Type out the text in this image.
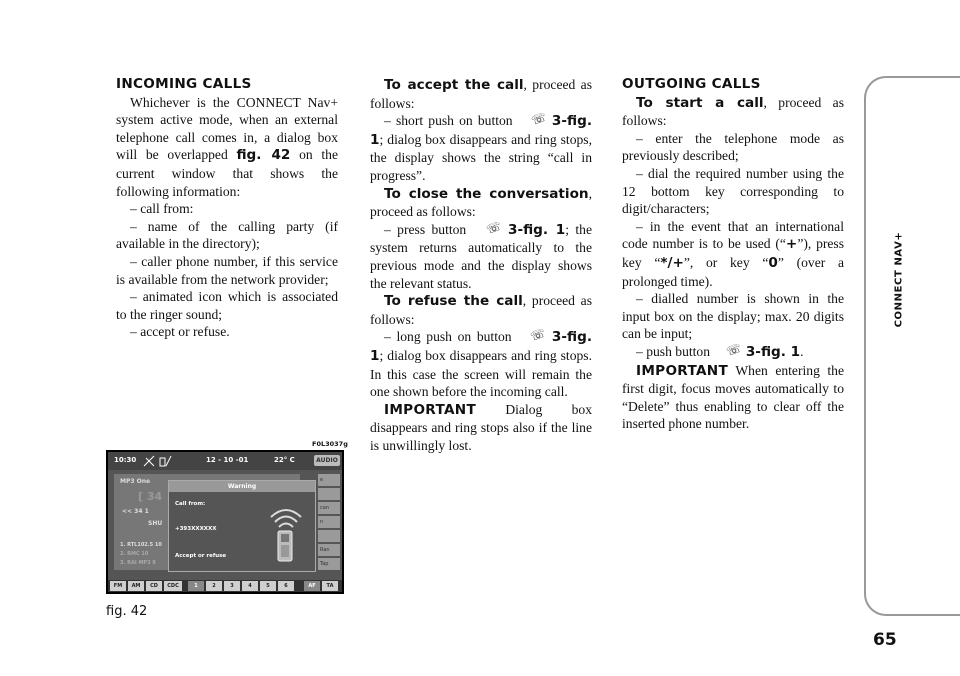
INCOMING CALLS

Whichever is the CONNECT Nav+ system active mode, when an external telephone call comes in, a dialog box will be overlapped fig. 42 on the current window that shows the following information:

– call from:

– name of the calling party (if available in the directory);

– caller phone number, if this service is available from the network provider;

– animated icon which is associated to the ringer sound;

– accept or refuse.

To accept the call, proceed as follows:

– short push on button ☏ 3-fig. 1; dialog box disappears and ring stops, the display shows the string “call in progress”.

To close the conversation, proceed as follows:

– press button ☏ 3-fig. 1; the system returns automatically to the previous mode and the display shows the relevant status.

To refuse the call, proceed as follows:

– long push on button ☏ 3-fig. 1; dialog box disappears and ring stops. In this case the screen will remain the one shown before the incoming call.

IMPORTANT Dialog box disappears and ring stops also if the line is unwillingly lost.

OUTGOING CALLS

To start a call, proceed as follows:

– enter the telephone mode as previously described;

– dial the required number using the 12 bottom key corresponding to digit/characters;

– in the event that an international code number is to be used (“+”), press key “*/+”, or key “0” (over a prolonged time).

– dialled number is shown in the input box on the display; max. 20 digits can be input;

– push button ☏ 3-fig. 1.

IMPORTANT When entering the first digit, focus moves automatically to “Delete” thus enabling to clear off the inserted phone number.

CONNECT NAV+
65
F0L3037g
10:30	12 - 10 -01	22° C	AUDIO
MP3 One
[ 34
<< 34 1
SHU
1. RTL102.5 10
2. RMC 10
3. RAI MP3 9
e
can
n
Ran
Tap
Warning
Call from:
+393XXXXXX
Accept or refuse
FM	AM	CD	CDC	1	2	3	4	5	6	AF	TA
fig. 42
